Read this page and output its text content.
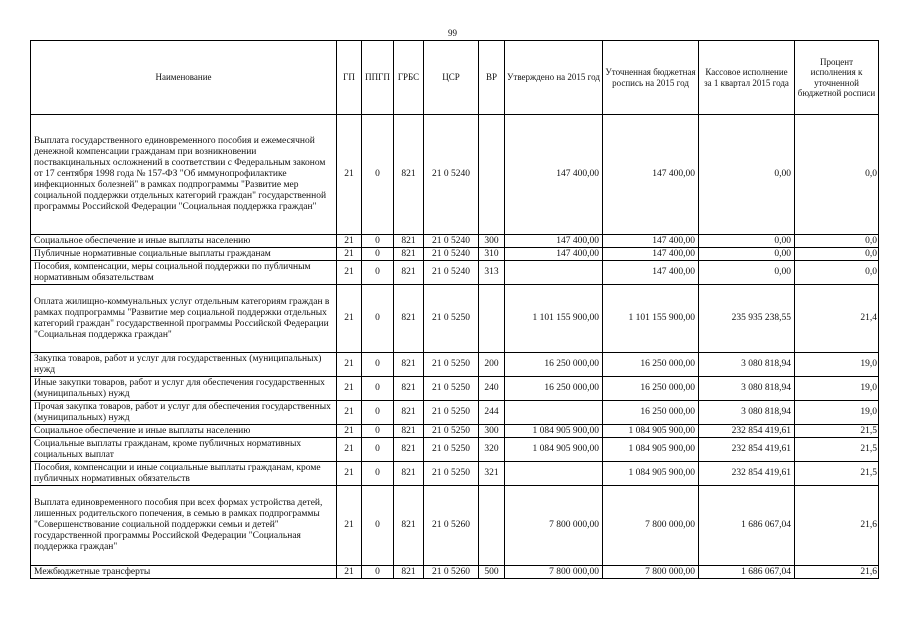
99
Наименование	ГП	ППГП	ГРБС	ЦСР	ВР	Утверждено на 2015 год	Уточненная бюджетная роспись на 2015 год	Кассовое исполнение за 1 квартал 2015 года	Процент исполнения к уточненной бюджетной росписи
Выплата государственного единовременного пособия и ежемесячной денежной компенсации гражданам при возникновении поствакцинальных осложнений в соответствии с Федеральным законом от 17 сентября 1998 года № 157-ФЗ "Об иммунопрофилактике инфекционных болезней" в рамках подпрограммы "Развитие мер социальной поддержки отдельных категорий граждан" государственной программы Российской Федерации "Социальная поддержка граждан"	21	0	821	21 0 5240		147 400,00	147 400,00	0,00	0,0
Социальное обеспечение и иные выплаты населению	21	0	821	21 0 5240	300	147 400,00	147 400,00	0,00	0,0
Публичные нормативные социальные выплаты гражданам	21	0	821	21 0 5240	310	147 400,00	147 400,00	0,00	0,0
Пособия, компенсации, меры социальной поддержки по публичным нормативным обязательствам	21	0	821	21 0 5240	313		147 400,00	0,00	0,0
Оплата жилищно-коммунальных услуг отдельным категориям граждан в рамках подпрограммы "Развитие мер социальной поддержки отдельных категорий граждан" государственной программы Российской Федерации "Социальная поддержка граждан"	21	0	821	21 0 5250		1 101 155 900,00	1 101 155 900,00	235 935 238,55	21,4
Закупка товаров, работ и услуг для государственных (муниципальных) нужд	21	0	821	21 0 5250	200	16 250 000,00	16 250 000,00	3 080 818,94	19,0
Иные закупки товаров, работ и услуг для обеспечения государственных (муниципальных) нужд	21	0	821	21 0 5250	240	16 250 000,00	16 250 000,00	3 080 818,94	19,0
Прочая закупка товаров, работ и услуг для обеспечения государственных (муниципальных) нужд	21	0	821	21 0 5250	244		16 250 000,00	3 080 818,94	19,0
Социальное обеспечение и иные выплаты населению	21	0	821	21 0 5250	300	1 084 905 900,00	1 084 905 900,00	232 854 419,61	21,5
Социальные выплаты гражданам, кроме публичных нормативных социальных выплат	21	0	821	21 0 5250	320	1 084 905 900,00	1 084 905 900,00	232 854 419,61	21,5
Пособия, компенсации и иные социальные выплаты гражданам, кроме публичных нормативных обязательств	21	0	821	21 0 5250	321		1 084 905 900,00	232 854 419,61	21,5
Выплата единовременного пособия при всех формах устройства детей, лишенных родительского попечения, в семью в рамках подпрограммы "Совершенствование социальной поддержки семьи и детей" государственной программы Российской Федерации "Социальная поддержка граждан"	21	0	821	21 0 5260		7 800 000,00	7 800 000,00	1 686 067,04	21,6
Межбюджетные трансферты	21	0	821	21 0 5260	500	7 800 000,00	7 800 000,00	1 686 067,04	21,6
